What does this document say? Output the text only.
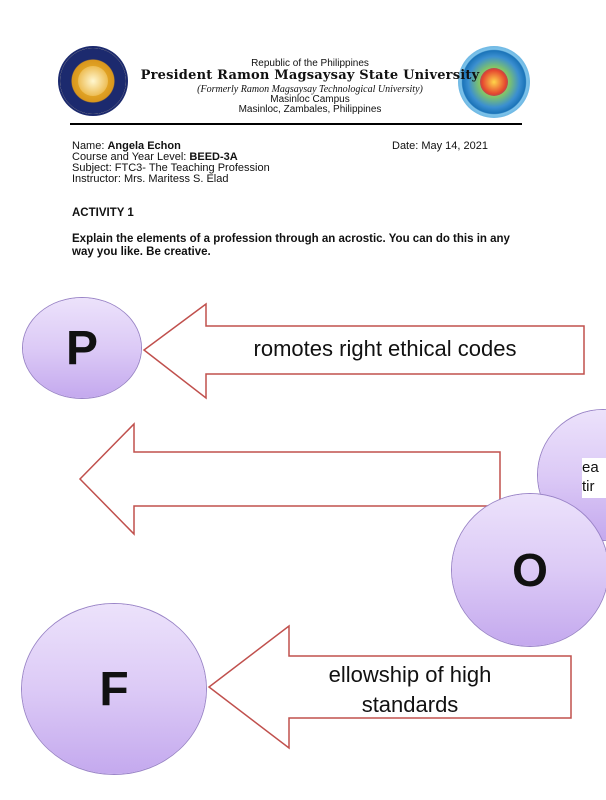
Republic of the Philippines
President Ramon Magsaysay State University
(Formerly Ramon Magsaysay Technological University)
Masinloc Campus
Masinloc, Zambales, Philippines
Name: Angela Echon
Course and Year Level: BEED-3A
Subject: FTC3- The Teaching Profession
Instructor: Mrs. Maritess S. Elad
Date: May 14, 2021
ACTIVITY 1
Explain the elements of a profession through an acrostic. You can do this in any way you like. Be creative.
romotes right ethical codes
P
ea
tir
O
ellowship of high standards
F
